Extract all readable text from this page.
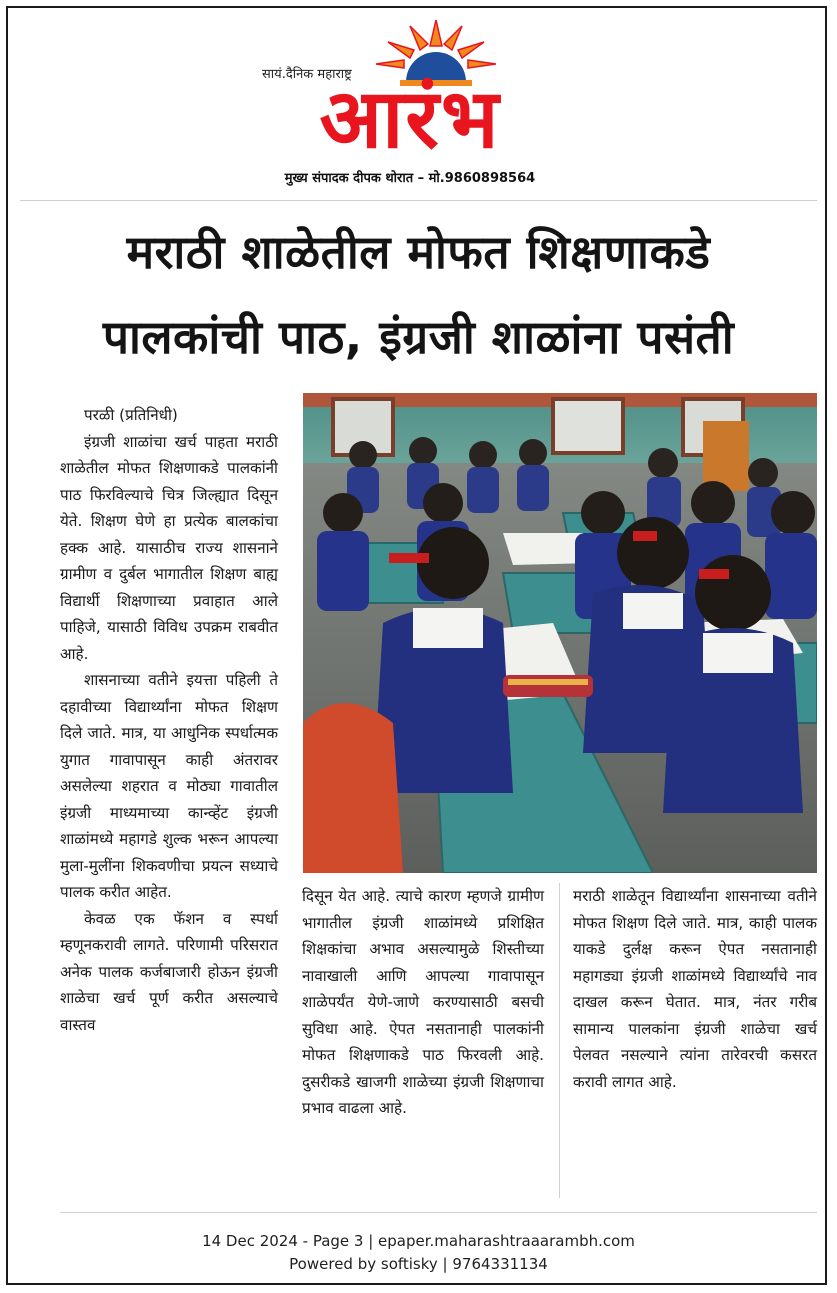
सायं.दैनिक महाराष्ट्र
आरंभ
मुख्य संपादक दीपक थोरात – मो.9860898564
मराठी शाळेतील मोफत शिक्षणाकडे
पालकांची पाठ, इंग्रजी शाळांना पसंती

परळी (प्रतिनिधी)

इंग्रजी शाळांचा खर्च पाहता मराठी शाळेतील मोफत शिक्षणाकडे पालकांनी पाठ फिरविल्याचे चित्र जिल्ह्यात दिसून येते. शिक्षण घेणे हा प्रत्येक बालकांचा हक्क आहे. यासाठीच राज्य शासनाने ग्रामीण व दुर्बल भागातील शिक्षण बाह्य विद्यार्थी शिक्षणाच्या प्रवाहात आले पाहिजे, यासाठी विविध उपक्रम राबवीत आहे.

शासनाच्या वतीने इयत्ता पहिली ते दहावीच्या विद्यार्थ्यांना मोफत शिक्षण दिले जाते. मात्र, या आधुनिक स्पर्धात्मक युगात गावापासून काही अंतरावर असलेल्या शहरात व मोठ्या गावातील इंग्रजी माध्यमाच्या कान्व्हेंट इंग्रजी शाळांमध्ये महागडे शुल्क भरून आपल्या मुला-मुलींना शिकवणीचा प्रयत्न सध्याचे पालक करीत आहेत.

केवळ एक फॅशन व स्पर्धा म्हणूनकरावी लागते. परिणामी परिसरात अनेक पालक कर्जबाजारी होऊन इंग्रजी शाळेचा खर्च पूर्ण करीत असल्याचे वास्तव

दिसून येत आहे. त्याचे कारण म्हणजे ग्रामीण भागातील इंग्रजी शाळांमध्ये प्रशिक्षित शिक्षकांचा अभाव असल्यामुळे शिस्तीच्या नावाखाली आणि आपल्या गावापासून शाळेपर्यंत येणे-जाणे करण्यासाठी बसची सुविधा आहे. ऐपत नसतानाही पालकांनी मोफत शिक्षणाकडे पाठ फिरवली आहे. दुसरीकडे खाजगी शाळेच्या इंग्रजी शिक्षणाचा प्रभाव वाढला आहे.

मराठी शाळेतून विद्यार्थ्यांना शासनाच्या वतीने मोफत शिक्षण दिले जाते. मात्र, काही पालक याकडे दुर्लक्ष करून ऐपत नसतानाही महागड्या इंग्रजी शाळांमध्ये विद्यार्थ्यांचे नाव दाखल करून घेतात. मात्र, नंतर गरीब सामान्य पालकांना इंग्रजी शाळेचा खर्च पेलवत नसल्याने त्यांना तारेवरची कसरत करावी लागत आहे.

14 Dec 2024 - Page 3 | epaper.maharashtraaarambh.com
Powered by softisky | 9764331134
